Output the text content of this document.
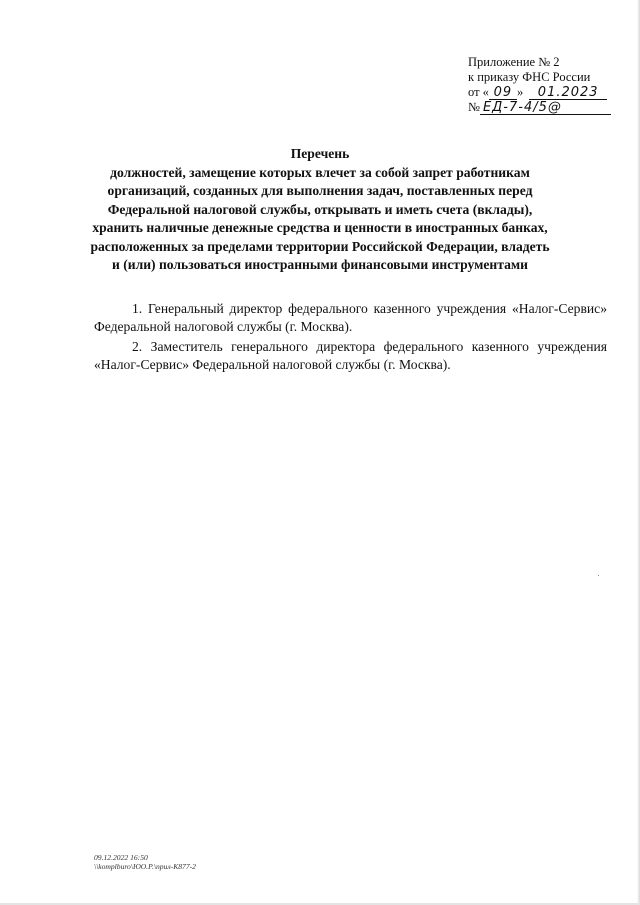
Приложение № 2
к приказу ФНС России
от « 09 » 01.2023
№ ЕД-7-4/5@
Перечень
должностей, замещение которых влечет за собой запрет работникам
организаций, созданных для выполнения задач, поставленных перед
Федеральной налоговой службы, открывать и иметь счета (вклады),
хранить наличные денежные средства и ценности в иностранных банках,
расположенных за пределами территории Российской Федерации, владеть
и (или) пользоваться иностранными финансовыми инструментами

1. Генеральный директор федерального казенного учреждения «Налог-Сервис» Федеральной налоговой службы (г. Москва).

2. Заместитель генерального директора федерального казенного учреждения «Налог-Сервис» Федеральной налоговой службы (г. Москва).

09.12.2022 16:50
\\komplburo\ЮО.Р.\прил-К877-2
